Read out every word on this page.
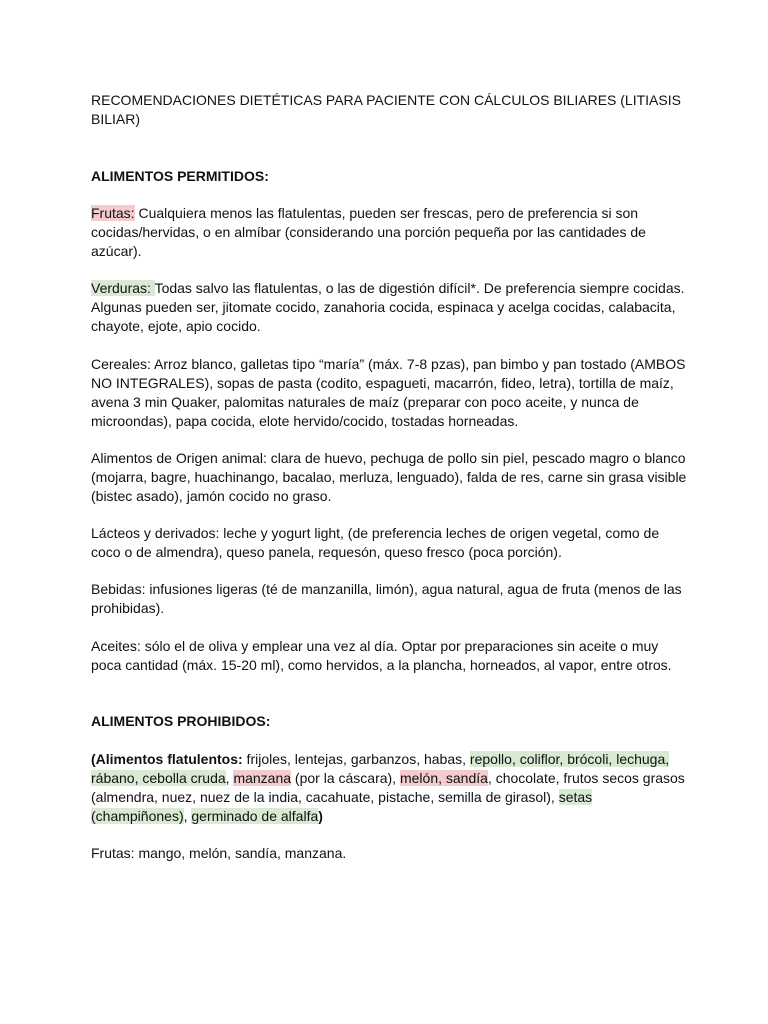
RECOMENDACIONES DIETÉTICAS PARA PACIENTE CON CÁLCULOS BILIARES (LITIASIS
BILIAR)
ALIMENTOS PERMITIDOS:
Frutas: Cualquiera menos las flatulentas, pueden ser frescas, pero de preferencia si son
cocidas/hervidas, o en almíbar (considerando una porción pequeña por las cantidades de
azúcar).
Verduras: Todas salvo las flatulentas, o las de digestión difícil*. De preferencia siempre cocidas.
Algunas pueden ser, jitomate cocido, zanahoria cocida, espinaca y acelga cocidas, calabacita,
chayote, ejote, apio cocido.
Cereales: Arroz blanco, galletas tipo “maría” (máx. 7-8 pzas), pan bimbo y pan tostado (AMBOS
NO INTEGRALES), sopas de pasta (codito, espagueti, macarrón, fideo, letra), tortilla de maíz,
avena 3 min Quaker, palomitas naturales de maíz (preparar con poco aceite, y nunca de
microondas), papa cocida, elote hervido/cocido, tostadas horneadas.
Alimentos de Origen animal: clara de huevo, pechuga de pollo sin piel, pescado magro o blanco
(mojarra, bagre, huachinango, bacalao, merluza, lenguado), falda de res, carne sin grasa visible
(bistec asado), jamón cocido no graso.
Lácteos y derivados: leche y yogurt light, (de preferencia leches de origen vegetal, como de
coco o de almendra), queso panela, requesón, queso fresco (poca porción).
Bebidas: infusiones ligeras (té de manzanilla, limón), agua natural, agua de fruta (menos de las
prohibidas).
Aceites: sólo el de oliva y emplear una vez al día. Optar por preparaciones sin aceite o muy
poca cantidad (máx. 15-20 ml), como hervidos, a la plancha, horneados, al vapor, entre otros.
ALIMENTOS PROHIBIDOS:
(Alimentos flatulentos: frijoles, lentejas, garbanzos, habas, repollo, coliflor, brócoli, lechuga,
rábano, cebolla cruda, manzana (por la cáscara), melón, sandía, chocolate, frutos secos grasos
(almendra, nuez, nuez de la india, cacahuate, pistache, semilla de girasol), setas
(champiñones), germinado de alfalfa)
Frutas: mango, melón, sandía, manzana.
